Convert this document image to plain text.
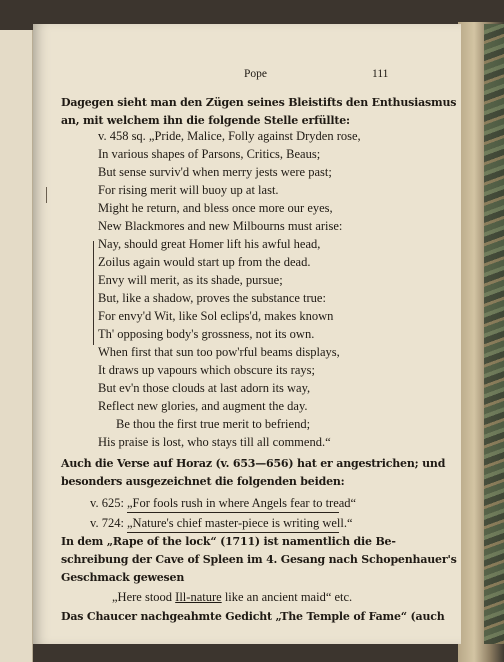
Pope	111
Dagegen sieht man den Zügen seines Bleistifts den Enthusiasmus
an, mit welchem ihn die folgende Stelle erfüllte:
v. 458 sq. „Pride, Malice, Folly against Dryden rose,
In various shapes of Parsons, Critics, Beaus;
But sense surviv'd when merry jests were past;
For rising merit will buoy up at last.
Might he return, and bless once more our eyes,
New Blackmores and new Milbourns must arise:
Nay, should great Homer lift his awful head,
Zoilus again would start up from the dead.
Envy will merit, as its shade, pursue;
But, like a shadow, proves the substance true:
For envy'd Wit, like Sol eclips'd, makes known
Th' opposing body's grossness, not its own.
When first that sun too pow'rful beams displays,
It draws up vapours which obscure its rays;
But ev'n those clouds at last adorn its way,
Reflect new glories, and augment the day.
Be thou the first true merit to befriend;
His praise is lost, who stays till all commend.“
Auch die Verse auf Horaz (v. 653—656) hat er angestrichen; und
besonders ausgezeichnet die folgenden beiden:
v. 625: „For fools rush in where Angels fear to tread“
v. 724: „Nature's chief master-piece is writing well.“
In dem „Rape of the lock“ (1711) ist namentlich die Be-
schreibung der Cave of Spleen im 4. Gesang nach Schopenhauer's
Geschmack gewesen
„Here stood Ill-nature like an ancient maid“ etc.
Das Chaucer nachgeahmte Gedicht „The Temple of Fame“ (auch
